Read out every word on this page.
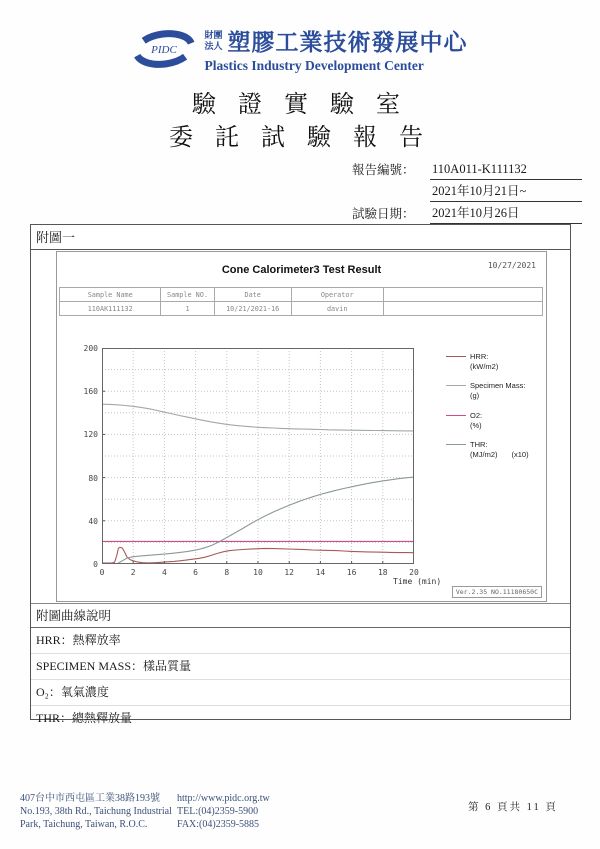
PIDC
財團
法人 塑膠工業技術發展中心
Plastics Industry Development Center
驗 證 實 驗 室
委 託 試 驗 報 告
報告編號：	110A011-K111132
2021年10月21日~
試驗日期：	2021年10月26日
附圖一
Cone Calorimeter3 Test Result	10/27/2021
Sample Name	Sample NO.	Date	Operator	
110AK111132	1	10/21/2021-16	davin	
0
40
80
120
160
200
0	2	4	6	8	10	12	14	16	18	20
Time (min)
HRR:
(kW/m2)
Specimen Mass:
(g)
O2:
(%)
THR:
(MJ/m2) (x10)
Ver.2.35 NO.11180650C
附圖曲線說明
HRR：熱釋放率
SPECIMEN MASS：樣品質量
O₂：氧氣濃度
THR：總熱釋放量
407台中市西屯區工業38路193號
No.193, 38th Rd., Taichung Industrial
Park, Taichung, Taiwan, R.O.C.
http://www.pidc.org.tw
TEL:(04)2359-5900
FAX:(04)2359-5885
第 6 頁共 11 頁
